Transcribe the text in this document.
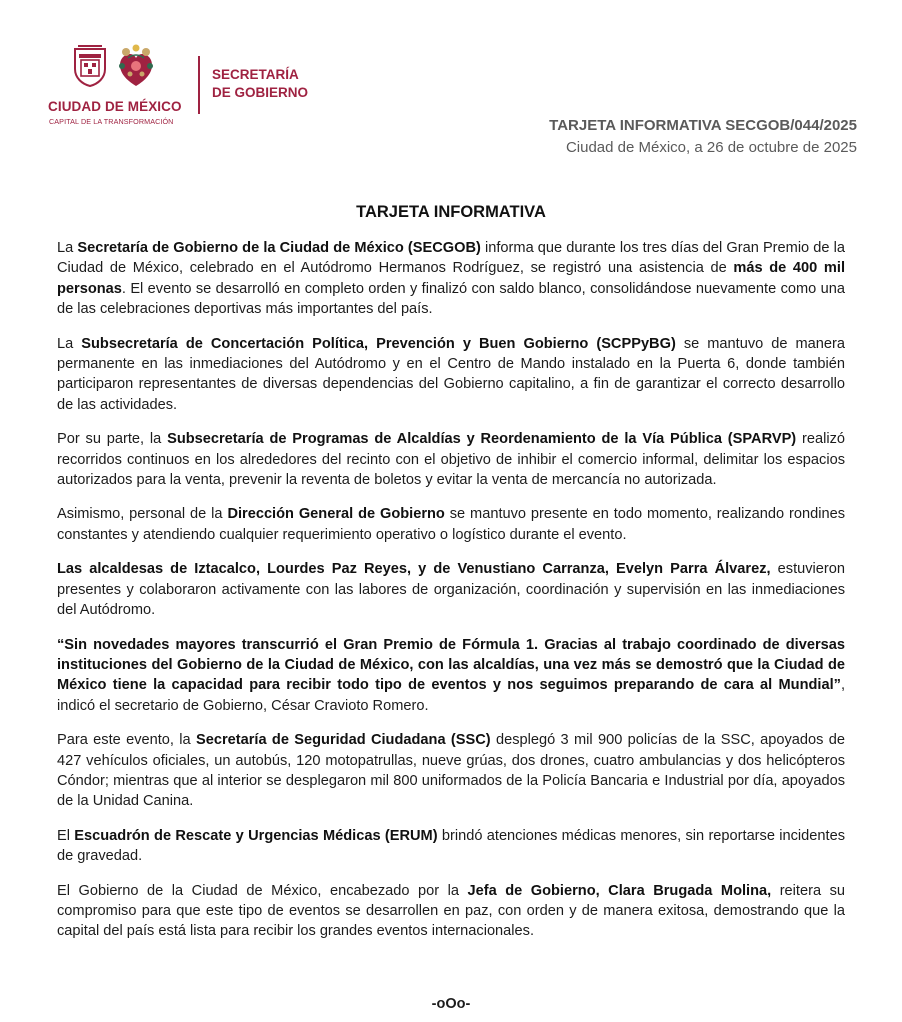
CIUDAD DE MÉXICO
CAPITAL DE LA TRANSFORMACIÓN
SECRETARÍA
DE GOBIERNO
TARJETA INFORMATIVA SECGOB/044/2025
Ciudad de México, a 26 de octubre de 2025
TARJETA INFORMATIVA

La Secretaría de Gobierno de la Ciudad de México (SECGOB) informa que durante los tres días del Gran Premio de la Ciudad de México, celebrado en el Autódromo Hermanos Rodríguez, se registró una asistencia de más de 400 mil personas. El evento se desarrolló en completo orden y finalizó con saldo blanco, consolidándose nuevamente como una de las celebraciones deportivas más importantes del país.

La Subsecretaría de Concertación Política, Prevención y Buen Gobierno (SCPPyBG) se mantuvo de manera permanente en las inmediaciones del Autódromo y en el Centro de Mando instalado en la Puerta 6, donde también participaron representantes de diversas dependencias del Gobierno capitalino, a fin de garantizar el correcto desarrollo de las actividades.

Por su parte, la Subsecretaría de Programas de Alcaldías y Reordenamiento de la Vía Pública (SPARVP) realizó recorridos continuos en los alrededores del recinto con el objetivo de inhibir el comercio informal, delimitar los espacios autorizados para la venta, prevenir la reventa de boletos y evitar la venta de mercancía no autorizada.

Asimismo, personal de la Dirección General de Gobierno se mantuvo presente en todo momento, realizando rondines constantes y atendiendo cualquier requerimiento operativo o logístico durante el evento.

Las alcaldesas de Iztacalco, Lourdes Paz Reyes, y de Venustiano Carranza, Evelyn Parra Álvarez, estuvieron presentes y colaboraron activamente con las labores de organización, coordinación y supervisión en las inmediaciones del Autódromo.

“Sin novedades mayores transcurrió el Gran Premio de Fórmula 1. Gracias al trabajo coordinado de diversas instituciones del Gobierno de la Ciudad de México, con las alcaldías, una vez más se demostró que la Ciudad de México tiene la capacidad para recibir todo tipo de eventos y nos seguimos preparando de cara al Mundial”, indicó el secretario de Gobierno, César Cravioto Romero.

Para este evento, la Secretaría de Seguridad Ciudadana (SSC) desplegó 3 mil 900 policías de la SSC, apoyados de 427 vehículos oficiales, un autobús, 120 motopatrullas, nueve grúas, dos drones, cuatro ambulancias y dos helicópteros Cóndor; mientras que al interior se desplegaron mil 800 uniformados de la Policía Bancaria e Industrial por día, apoyados de la Unidad Canina.

El Escuadrón de Rescate y Urgencias Médicas (ERUM) brindó atenciones médicas menores, sin reportarse incidentes de gravedad.

El Gobierno de la Ciudad de México, encabezado por la Jefa de Gobierno, Clara Brugada Molina, reitera su compromiso para que este tipo de eventos se desarrollen en paz, con orden y de manera exitosa, demostrando que la capital del país está lista para recibir los grandes eventos internacionales.

-oOo-
